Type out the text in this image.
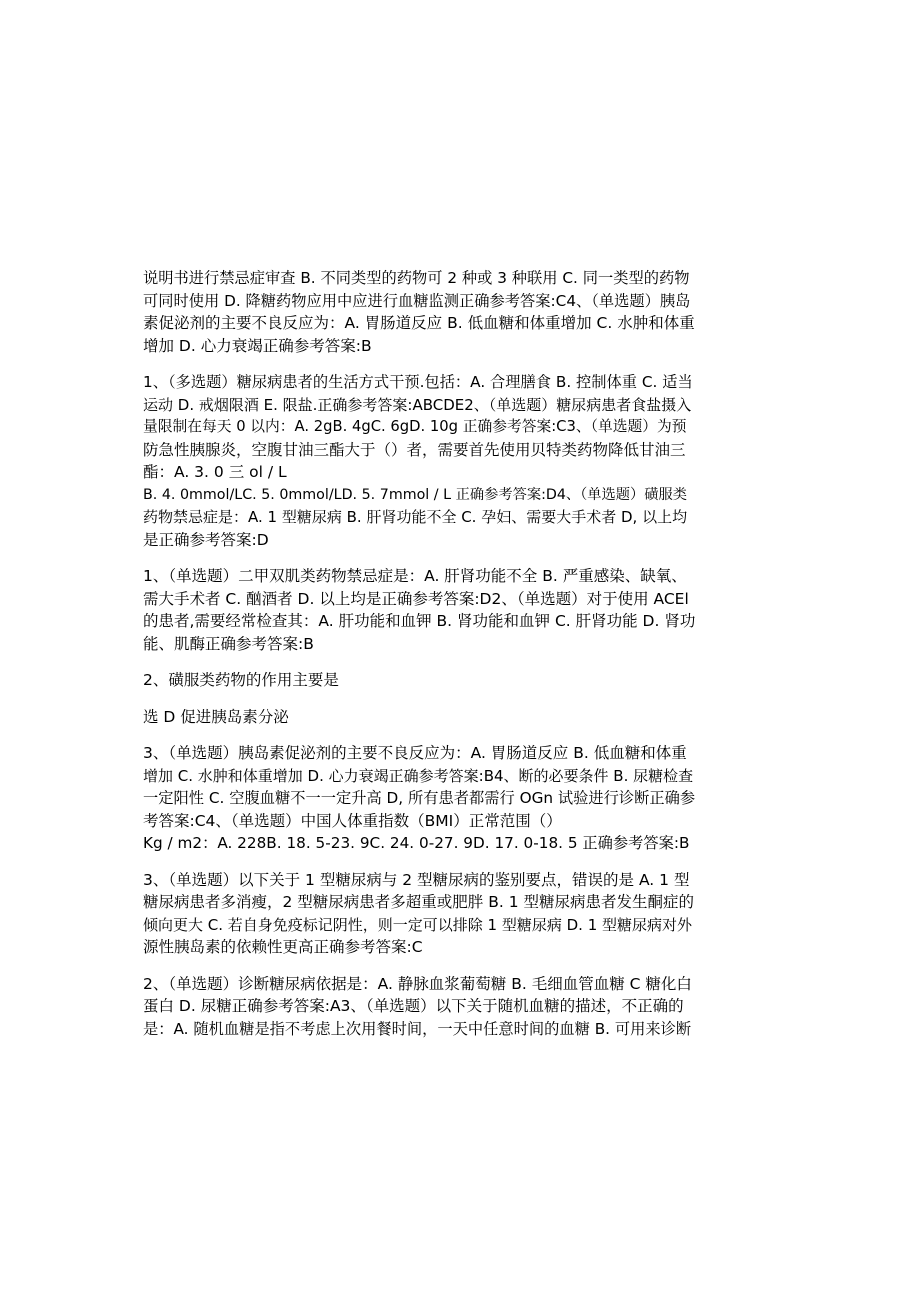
说明书进行禁忌症审查 B. 不同类型的药物可 2 种或 3 种联用 C. 同一类型的药物
可同时使用 D. 降糖药物应用中应进行血糖监测正确参考答案:C4、（单选题）胰岛
素促泌剂的主要不良反应为：A. 胃肠道反应 B. 低血糖和体重增加 C. 水肿和体重
增加 D. 心力衰竭正确参考答案:B
1、（多选题）糖尿病患者的生活方式干预.包括：A. 合理膳食 B. 控制体重 C. 适当
运动 D. 戒烟限酒 E. 限盐.正确参考答案:ABCDE2、（单选题）糖尿病患者食盐摄入
量限制在每天 0 以内：A. 2gB. 4gC. 6gD. 10g 正确参考答案:C3、（单选题）为预
防急性胰腺炎，空腹甘油三酯大于（）者，需要首先使用贝特类药物降低甘油三
酯：A. 3. 0 三 ol / L
B. 4. 0mmol/LC. 5. 0mmol/LD. 5. 7mmol / L 正确参考答案:D4、（单选题）磺服类
药物禁忌症是：A. 1 型糖尿病 B. 肝肾功能不全 C. 孕妇、需要大手术者 D, 以上均
是正确参考答案:D
1、（单选题）二甲双肌类药物禁忌症是：A. 肝肾功能不全 B. 严重感染、缺氧、
需大手术者 C. 酗酒者 D. 以上均是正确参考答案:D2、（单选题）对于使用 ACEl
的患者,需要经常检查其：A. 肝功能和血钾 B. 肾功能和血钾 C. 肝肾功能 D. 肾功
能、肌酶正确参考答案:B
2、磺服类药物的作用主要是
选 D 促进胰岛素分泌
3、（单选题）胰岛素促泌剂的主要不良反应为：A. 胃肠道反应 B. 低血糖和体重
增加 C. 水肿和体重增加 D. 心力衰竭正确参考答案:B4、断的必要条件 B. 尿糖检查
一定阳性 C. 空腹血糖不一一定升高 D, 所有患者都需行 OGn 试验进行诊断正确参
考答案:C4、（单选题）中国人体重指数（BMI）正常范围（）
Kg / m2：A. 228B. 18. 5-23. 9C. 24. 0-27. 9D. 17. 0-18. 5 正确参考答案:B
3、（单选题）以下关于 1 型糖尿病与 2 型糖尿病的鉴别要点，错误的是 A. 1 型
糖尿病患者多消瘦，2 型糖尿病患者多超重或肥胖 B. 1 型糖尿病患者发生酮症的
倾向更大 C. 若自身免疫标记阴性，则一定可以排除 1 型糖尿病 D. 1 型糖尿病对外
源性胰岛素的依赖性更高正确参考答案:C
2、（单选题）诊断糖尿病依据是：A. 静脉血浆葡萄糖 B. 毛细血管血糖 C 糖化白
蛋白 D. 尿糖正确参考答案:A3、（单选题）以下关于随机血糖的描述，不正确的
是：A. 随机血糖是指不考虑上次用餐时间，一天中任意时间的血糖 B. 可用来诊断
